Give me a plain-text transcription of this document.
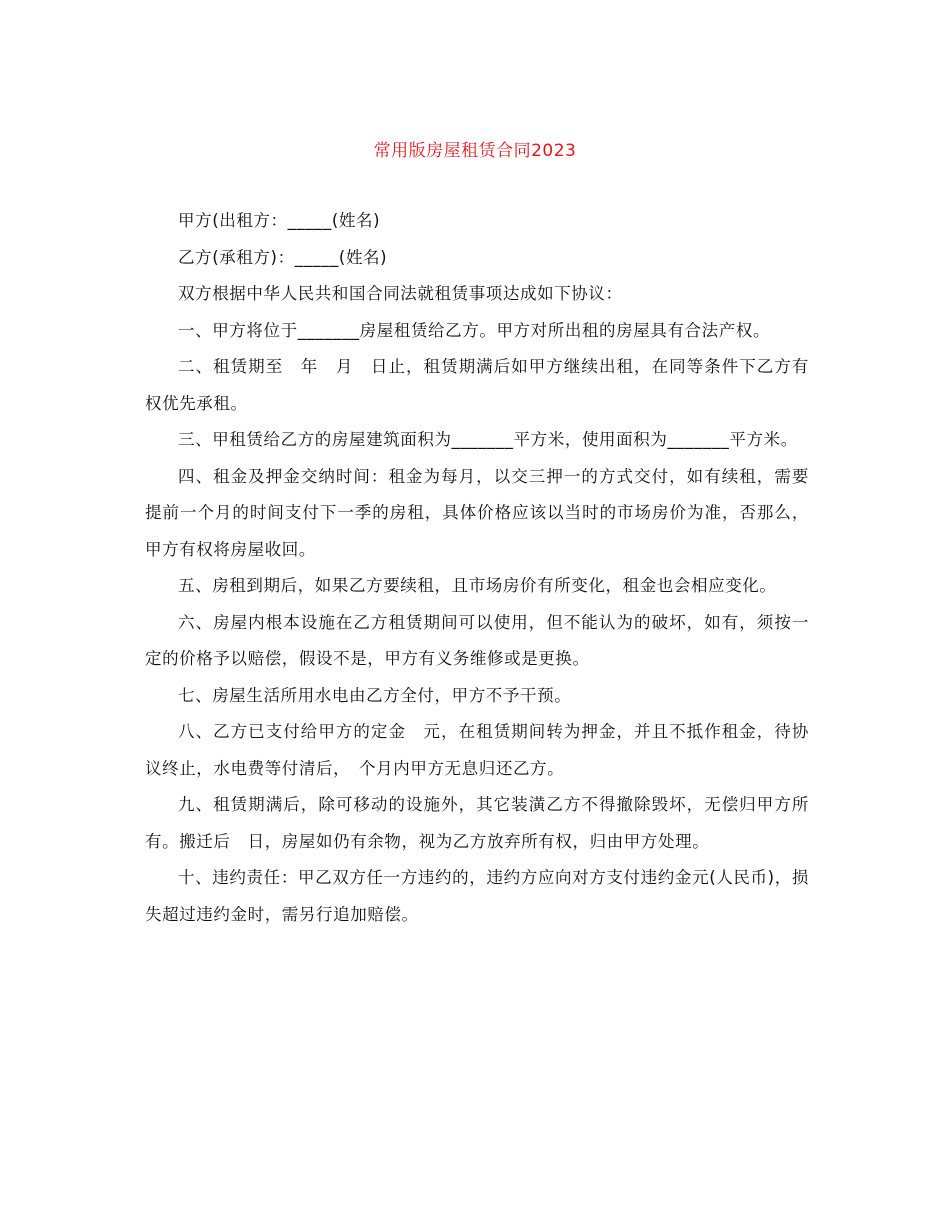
常用版房屋租赁合同2023

甲方(出租方：_____(姓名)

乙方(承租方)：_____(姓名)

双方根据中华人民共和国合同法就租赁事项达成如下协议：

一、甲方将位于_______房屋租赁给乙方。甲方对所出租的房屋具有合法产权。

二、租赁期至　年　月　日止，租赁期满后如甲方继续出租，在同等条件下乙方有权优先承租。

三、甲租赁给乙方的房屋建筑面积为_______平方米，使用面积为_______平方米。

四、租金及押金交纳时间：租金为每月，以交三押一的方式交付，如有续租，需要提前一个月的时间支付下一季的房租，具体价格应该以当时的市场房价为准，否那么，甲方有权将房屋收回。

五、房租到期后，如果乙方要续租，且市场房价有所变化，租金也会相应变化。

六、房屋内根本设施在乙方租赁期间可以使用，但不能认为的破坏，如有，须按一定的价格予以赔偿，假设不是，甲方有义务维修或是更换。

七、房屋生活所用水电由乙方全付，甲方不予干预。

八、乙方已支付给甲方的定金　元，在租赁期间转为押金，并且不抵作租金，待协议终止，水电费等付清后，　个月内甲方无息归还乙方。

九、租赁期满后，除可移动的设施外，其它装潢乙方不得撤除毁坏，无偿归甲方所有。搬迁后　日，房屋如仍有余物，视为乙方放弃所有权，归由甲方处理。

十、违约责任：甲乙双方任一方违约的，违约方应向对方支付违约金元(人民币)，损失超过违约金时，需另行追加赔偿。
